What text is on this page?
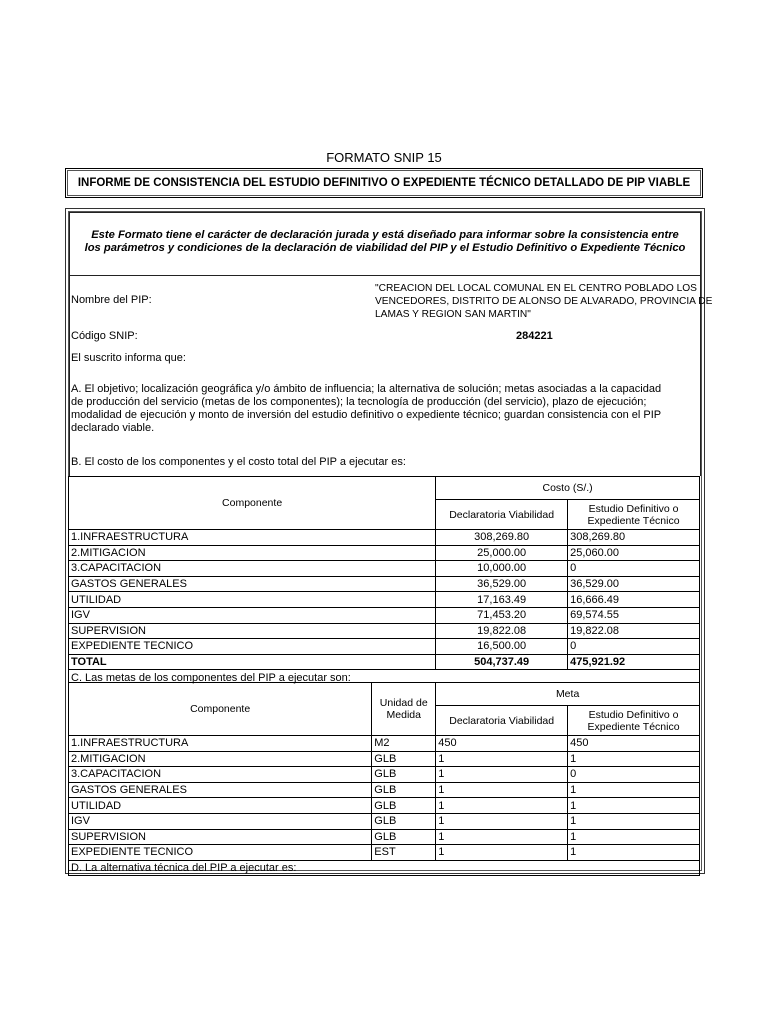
FORMATO SNIP 15
INFORME DE CONSISTENCIA DEL ESTUDIO DEFINITIVO O EXPEDIENTE TÉCNICO DETALLADO DE PIP VIABLE
Este Formato tiene el carácter de declaración jurada y está diseñado para informar sobre la consistencia entre
los parámetros y condiciones de la declaración de viabilidad del PIP y el Estudio Definitivo o Expediente Técnico
Nombre del PIP:
"CREACION DEL LOCAL COMUNAL EN EL CENTRO POBLADO LOS
VENCEDORES, DISTRITO DE ALONSO DE ALVARADO, PROVINCIA DE
LAMAS Y REGION SAN MARTIN"
Código SNIP:	284221
El suscrito informa que:
A. El objetivo; localización geográfica y/o ámbito de influencia; la alternativa de solución; metas asociadas a la capacidad
de producción del servicio (metas de los componentes); la tecnología de producción (del servicio), plazo de ejecución;
modalidad de ejecución y monto de inversión del estudio definitivo o expediente técnico; guardan consistencia con el PIP
declarado viable.
B. El costo de los componentes y el costo total del PIP a ejecutar es:
Componente	Costo (S/.)	
	Declaratoria Viabilidad	Estudio Definitivo o
Expediente Técnico

1.INFRAESTRUCTURA	308,269.80	308,269.80
2.MITIGACION	25,000.00	25,060.00
3.CAPACITACION	10,000.00	0
GASTOS GENERALES	36,529.00	36,529.00
UTILIDAD	17,163.49	16,666.49
IGV	71,453.20	69,574.55
SUPERVISION	19,822.08	19,822.08
EXPEDIENTE TECNICO	16,500.00	0
TOTAL	504,737.49	475,921.92
C. Las metas de los componentes del PIP a ejecutar son:		
Componente	Unidad de
Medida	Meta	
		Declaratoria Viabilidad	Estudio Definitivo o
Expediente Técnico

1.INFRAESTRUCTURA	M2	450	450
2.MITIGACION	GLB	1	1
3.CAPACITACION	GLB	1	0
GASTOS GENERALES	GLB	1	1
UTILIDAD	GLB	1	1
IGV	GLB	1	1
SUPERVISION	GLB	1	1
EXPEDIENTE TECNICO	EST	1	1
D. La alternativa técnica del PIP a ejecutar es:			
